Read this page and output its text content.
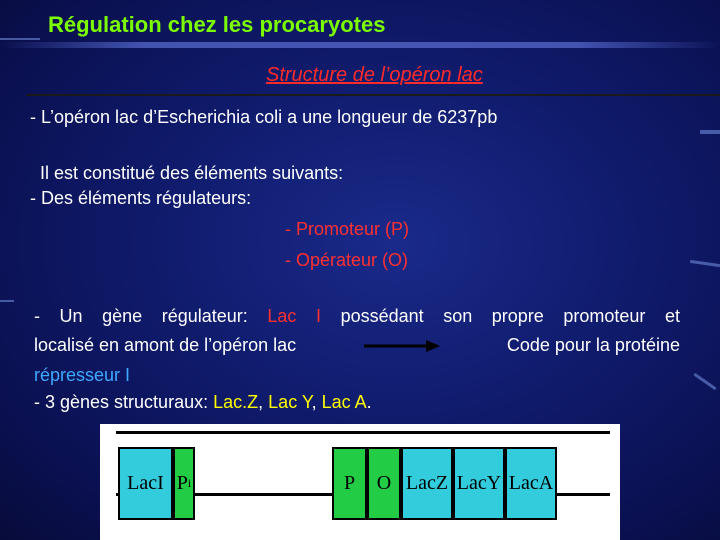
Régulation chez les procaryotes
Structure de l’opéron lac
- L’opéron lac d’Escherichia coli a une longueur de 6237pb
Il est constitué des éléments suivants:
- Des éléments régulateurs:
- Promoteur (P)
- Opérateur (O)
- Un gène régulateur: Lac I possédant son propre promoteur et
localisé en amont de l’opéron lac	Code pour la protéine
répresseur I
- 3 gènes structuraux: Lac.Z, Lac Y, Lac A.
LacI P i	P	O LacZ LacY LacA
